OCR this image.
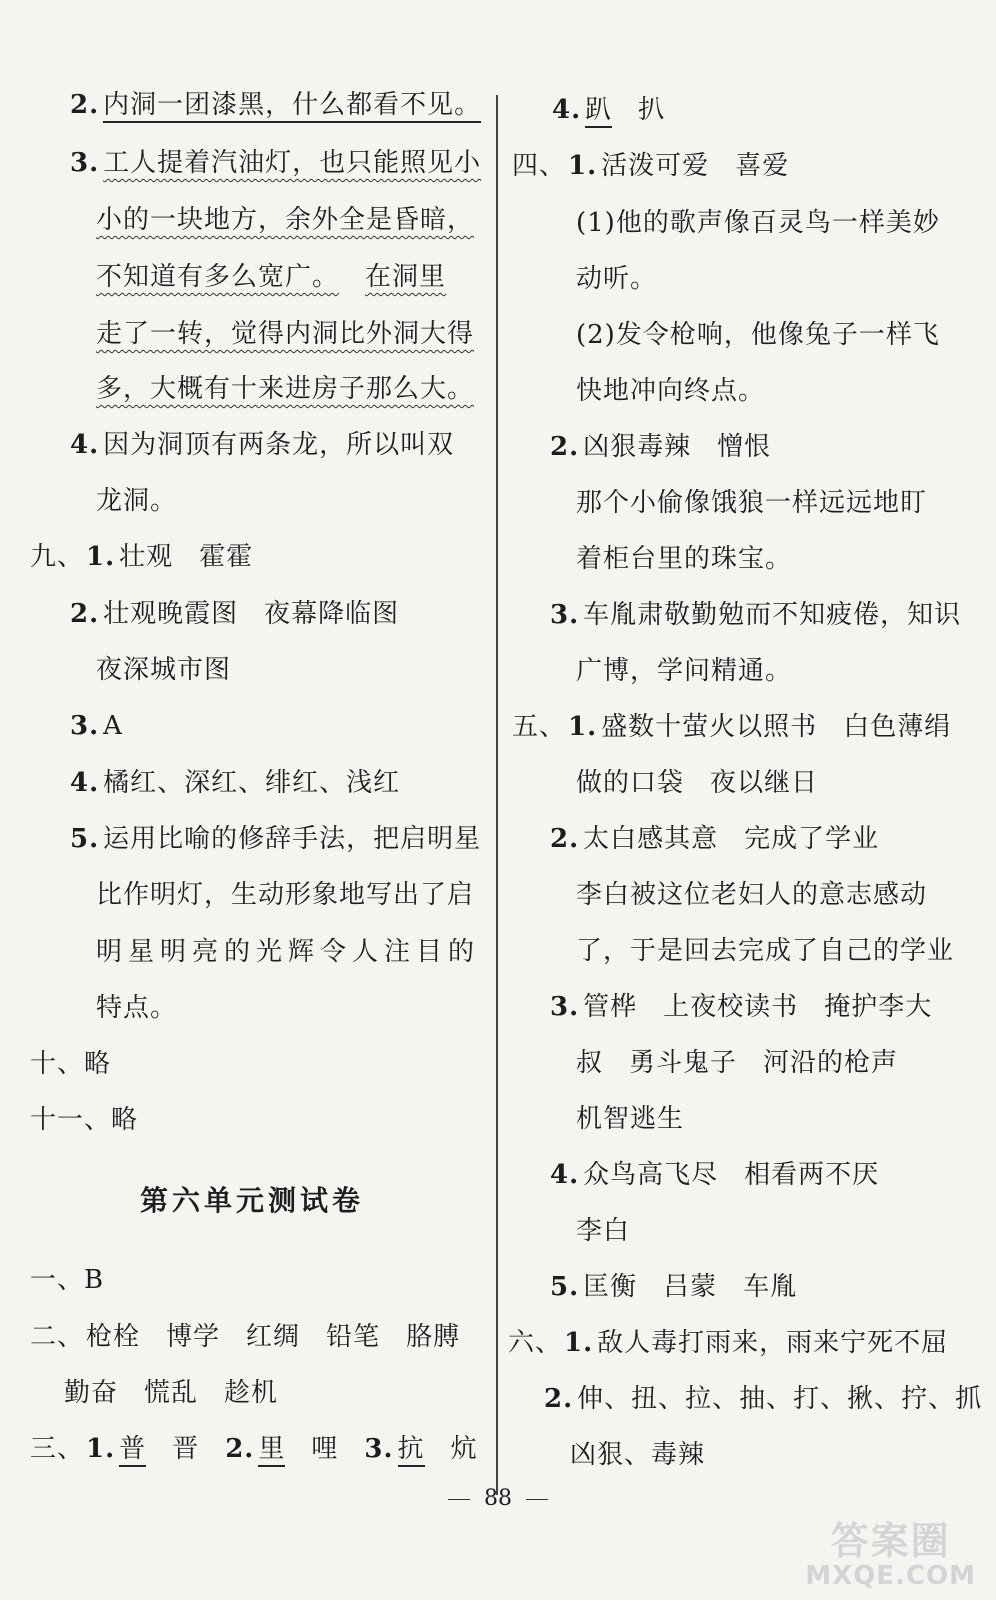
2. 内洞一团漆黑，什么都看不见。
3. 工人提着汽油灯，也只能照见小
小的一块地方，余外全是昏暗，
不知道有多么宽广。 在洞里
走了一转，觉得内洞比外洞大得
多，大概有十来进房子那么大。
4. 因为洞顶有两条龙，所以叫双
龙洞。
九、1. 壮观 霍霍
2. 壮观晚霞图 夜幕降临图
夜深城市图
3. A
4. 橘红、深红、绯红、浅红
5. 运用比喻的修辞手法，把启明星
比作明灯，生动形象地写出了启
明星明亮的光辉令人注目的
特点。
十、略
十一、略
第六单元测试卷
一、B
二、枪栓 博学 红绸 铅笔 胳膊
勤奋 慌乱 趁机
三、1. 普 晋 2. 里 哩 3. 抗 炕
4. 趴 扒
四、1. 活泼可爱 喜爱
(1)他的歌声像百灵鸟一样美妙
动听。
(2)发令枪响，他像兔子一样飞
快地冲向终点。
2. 凶狠毒辣 憎恨
那个小偷像饿狼一样远远地盯
着柜台里的珠宝。
3. 车胤肃敬勤勉而不知疲倦，知识
广博，学问精通。
五、1. 盛数十萤火以照书 白色薄绢
做的口袋 夜以继日
2. 太白感其意 完成了学业
李白被这位老妇人的意志感动
了，于是回去完成了自己的学业
3. 管桦 上夜校读书 掩护李大
叔 勇斗鬼子 河沿的枪声
机智逃生
4. 众鸟高飞尽 相看两不厌
李白
5. 匡衡 吕蒙 车胤
六、1. 敌人毒打雨来，雨来宁死不屈
2. 伸、扭、拉、抽、打、揪、拧、抓
凶狠、毒辣
88
答案圈
MXQE.COM
